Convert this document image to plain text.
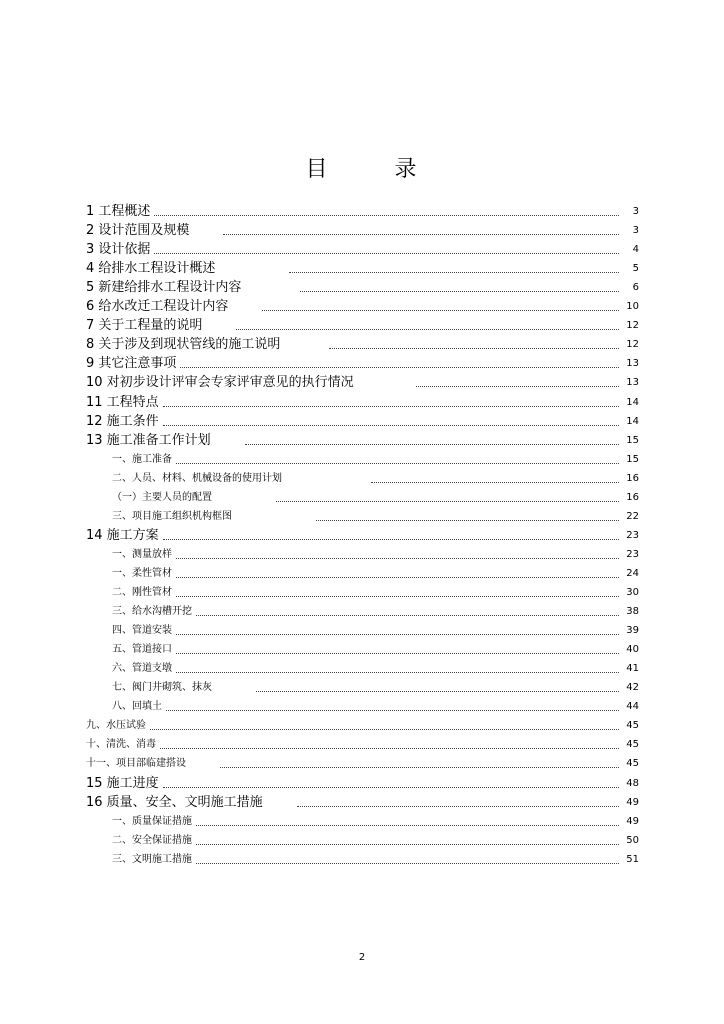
目 录
1 工程概述	3
2 设计范围及规模	3
3 设计依据	4
4 给排水工程设计概述	5
5 新建给排水工程设计内容	6
6 给水改迁工程设计内容	10
7 关于工程量的说明	12
8 关于涉及到现状管线的施工说明	12
9 其它注意事项	13
10 对初步设计评审会专家评审意见的执行情况	13
11 工程特点	14
12 施工条件	14
13 施工准备工作计划	15
一、施工准备	15
二、人员、材料、机械设备的使用计划	16
（一）主要人员的配置	16
三、项目施工组织机构框图	22
14 施工方案	23
一、测量放样	23
一、柔性管材	24
二、刚性管材	30
三、给水沟槽开挖	38
四、管道安装	39
五、管道接口	40
六、管道支墩	41
七、阀门井砌筑、抹灰	42
八、回填土	44
九、水压试验	45
十、清洗、消毒	45
十一、项目部临建搭设	45
15 施工进度	48
16 质量、安全、文明施工措施	49
一、质量保证措施	49
二、安全保证措施	50
三、文明施工措施	51
2
